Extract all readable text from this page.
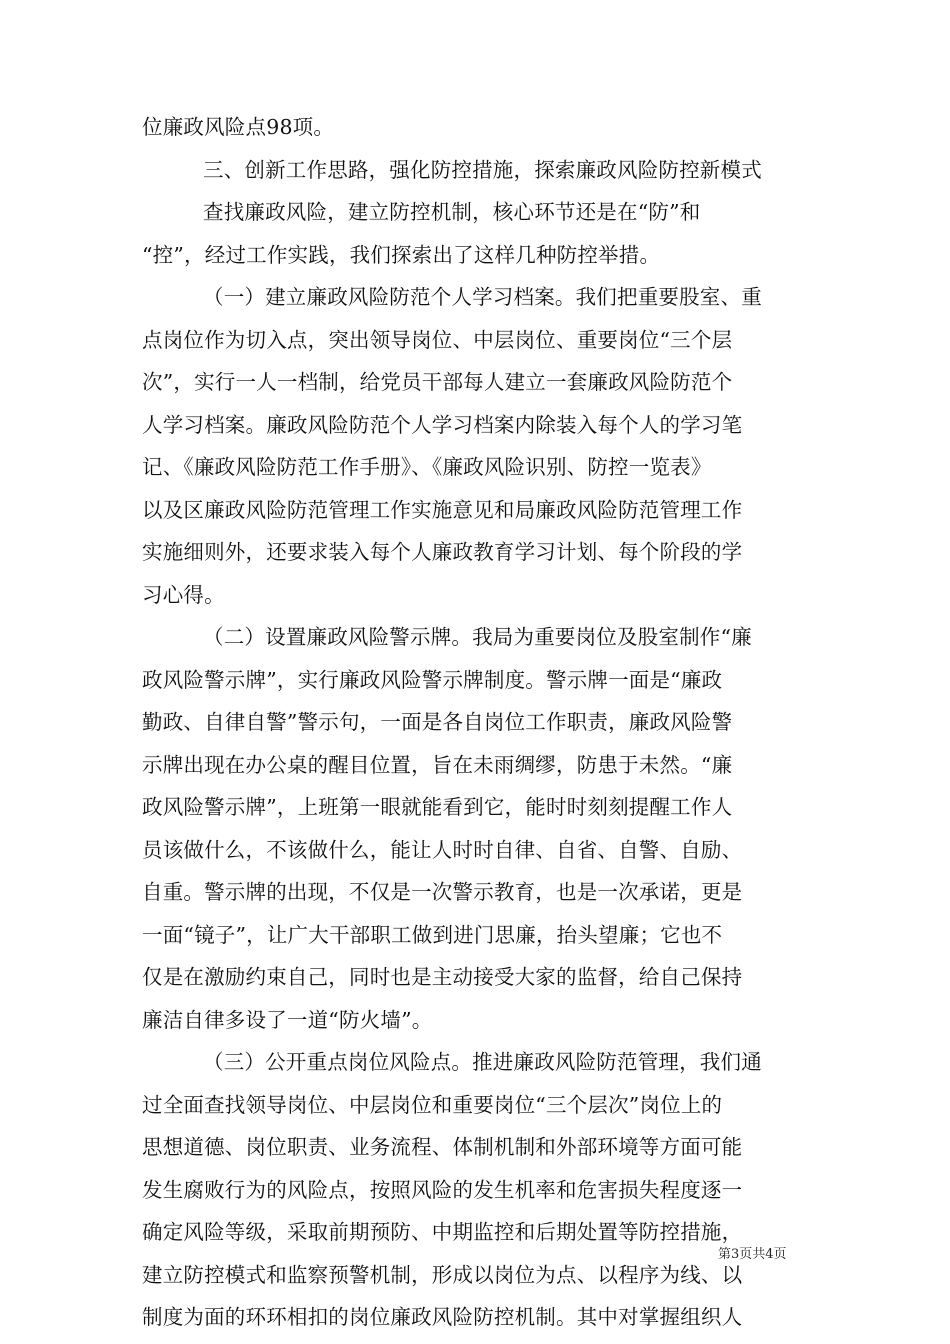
位廉政风险点98项。
三、创新工作思路，强化防控措施，探索廉政风险防控新模式
查找廉政风险，建立防控机制，核心环节还是在“防”和
“控”，经过工作实践，我们探索出了这样几种防控举措。
（一）建立廉政风险防范个人学习档案。我们把重要股室、重
点岗位作为切入点，突出领导岗位、中层岗位、重要岗位“三个层
次”，实行一人一档制，给党员干部每人建立一套廉政风险防范个
人学习档案。廉政风险防范个人学习档案内除装入每个人的学习笔
记、《廉政风险防范工作手册》、《廉政风险识别、防控一览表》
以及区廉政风险防范管理工作实施意见和局廉政风险防范管理工作
实施细则外，还要求装入每个人廉政教育学习计划、每个阶段的学
习心得。
（二）设置廉政风险警示牌。我局为重要岗位及股室制作“廉
政风险警示牌”，实行廉政风险警示牌制度。警示牌一面是“廉政
勤政、自律自警”警示句，一面是各自岗位工作职责，廉政风险警
示牌出现在办公桌的醒目位置，旨在未雨绸缪，防患于未然。“廉
政风险警示牌”，上班第一眼就能看到它，能时时刻刻提醒工作人
员该做什么，不该做什么，能让人时时自律、自省、自警、自励、
自重。警示牌的出现，不仅是一次警示教育，也是一次承诺，更是
一面“镜子”，让广大干部职工做到进门思廉，抬头望廉；它也不
仅是在激励约束自己，同时也是主动接受大家的监督，给自己保持
廉洁自律多设了一道“防火墙”。
（三）公开重点岗位风险点。推进廉政风险防范管理，我们通
过全面查找领导岗位、中层岗位和重要岗位“三个层次”岗位上的
思想道德、岗位职责、业务流程、体制机制和外部环境等方面可能
发生腐败行为的风险点，按照风险的发生机率和危害损失程度逐一
确定风险等级，采取前期预防、中期监控和后期处置等防控措施，
建立防控模式和监察预警机制，形成以岗位为点、以程序为线、以
制度为面的环环相扣的岗位廉政风险防控机制。其中对掌握组织人
第3页共4页
